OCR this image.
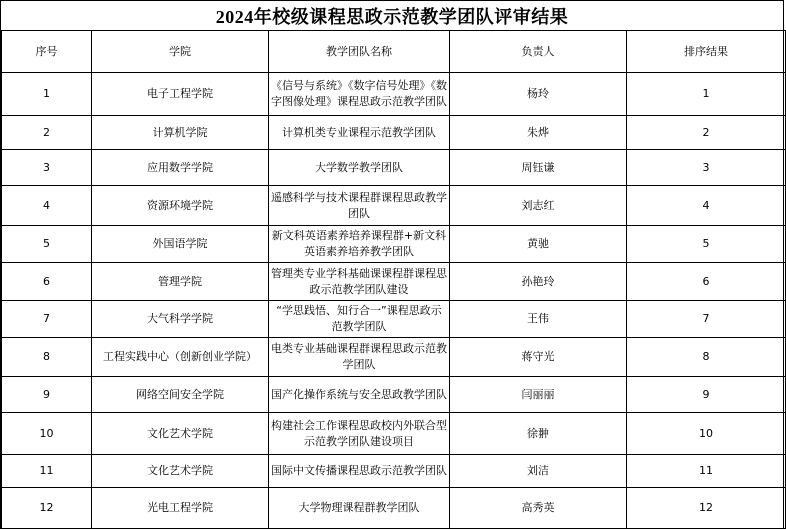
2024年校级课程思政示范教学团队评审结果
序号	学院	教学团队名称	负责人	排序结果
1	电子工程学院	《信号与系统》《数字信号处理》《数字图像处理》课程思政示范教学团队	杨玲	1
2	计算机学院	计算机类专业课程示范教学团队	朱烨	2
3	应用数学学院	大学数学教学团队	周钰谦	3
4	资源环境学院	遥感科学与技术课程群课程思政教学团队	刘志红	4
5	外国语学院	新文科英语素养培养课程群+新文科英语素养培养教学团队	黄驰	5
6	管理学院	管理类专业学科基础课课程群课程思政示范教学团队建设	孙艳玲	6
7	大气科学学院	“学思践悟、知行合一”课程思政示范教学团队	王伟	7
8	工程实践中心（创新创业学院）	电类专业基础课程群课程思政示范教学团队	蒋守光	8
9	网络空间安全学院	国产化操作系统与安全思政教学团队	闫丽丽	9
10	文化艺术学院	构建社会工作课程思政校内外联合型示范教学团队建设项目	徐翀	10
11	文化艺术学院	国际中文传播课程思政示范教学团队	刘洁	11
12	光电工程学院	大学物理课程群教学团队	高秀英	12
